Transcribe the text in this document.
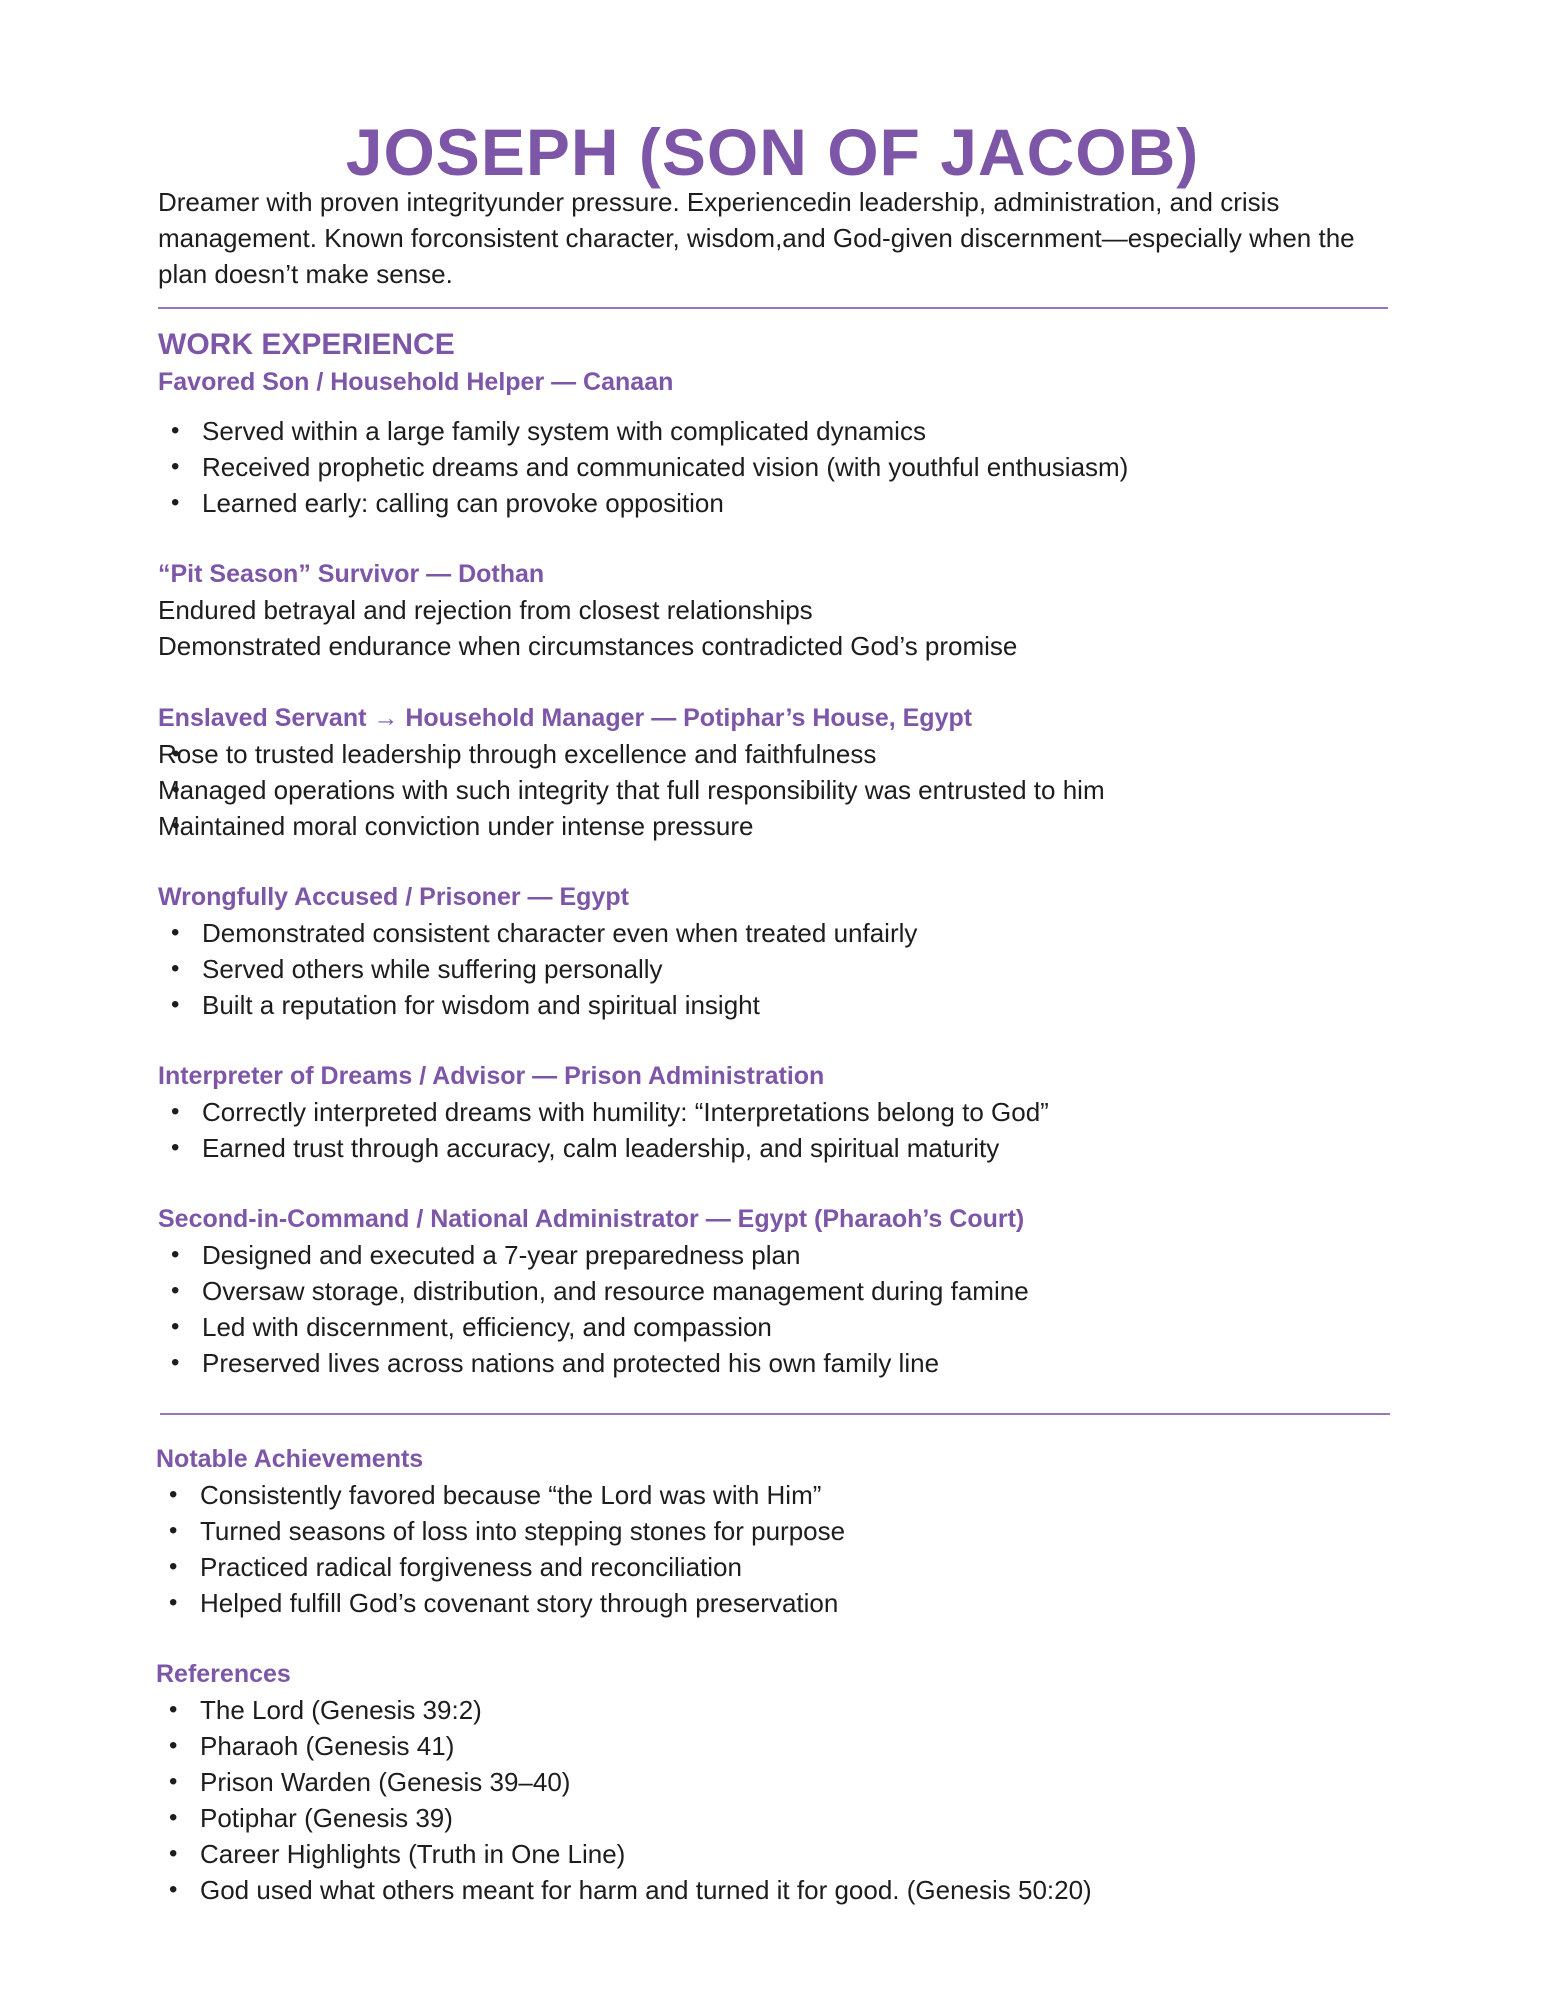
JOSEPH (SON OF JACOB)
Dreamer with proven integrityunder pressure. Experiencedin leadership, administration, and crisis management. Known forconsistent character, wisdom,and God-given discernment—especially when the plan doesn’t make sense.
WORK EXPERIENCE
Favored Son / Household Helper — Canaan
• Served within a large family system with complicated dynamics
• Received prophetic dreams and communicated vision (with youthful enthusiasm)
• Learned early: calling can provoke opposition
“Pit Season” Survivor — Dothan
Endured betrayal and rejection from closest relationships
Demonstrated endurance when circumstances contradicted God’s promise
Enslaved Servant → Household Manager — Potiphar’s House, Egypt
• Rose to trusted leadership through excellence and faithfulness
• Managed operations with such integrity that full responsibility was entrusted to him
• Maintained moral conviction under intense pressure
Wrongfully Accused / Prisoner — Egypt
• Demonstrated consistent character even when treated unfairly
• Served others while suffering personally
• Built a reputation for wisdom and spiritual insight
Interpreter of Dreams / Advisor — Prison Administration
• Correctly interpreted dreams with humility: “Interpretations belong to God”
• Earned trust through accuracy, calm leadership, and spiritual maturity
Second-in-Command / National Administrator — Egypt (Pharaoh’s Court)
• Designed and executed a 7-year preparedness plan
• Oversaw storage, distribution, and resource management during famine
• Led with discernment, efficiency, and compassion
• Preserved lives across nations and protected his own family line
Notable Achievements
• Consistently favored because “the Lord was with Him”
• Turned seasons of loss into stepping stones for purpose
• Practiced radical forgiveness and reconciliation
• Helped fulfill God’s covenant story through preservation
References
• The Lord (Genesis 39:2)
• Pharaoh (Genesis 41)
• Prison Warden (Genesis 39–40)
• Potiphar (Genesis 39)
• Career Highlights (Truth in One Line)
• God used what others meant for harm and turned it for good. (Genesis 50:20)
